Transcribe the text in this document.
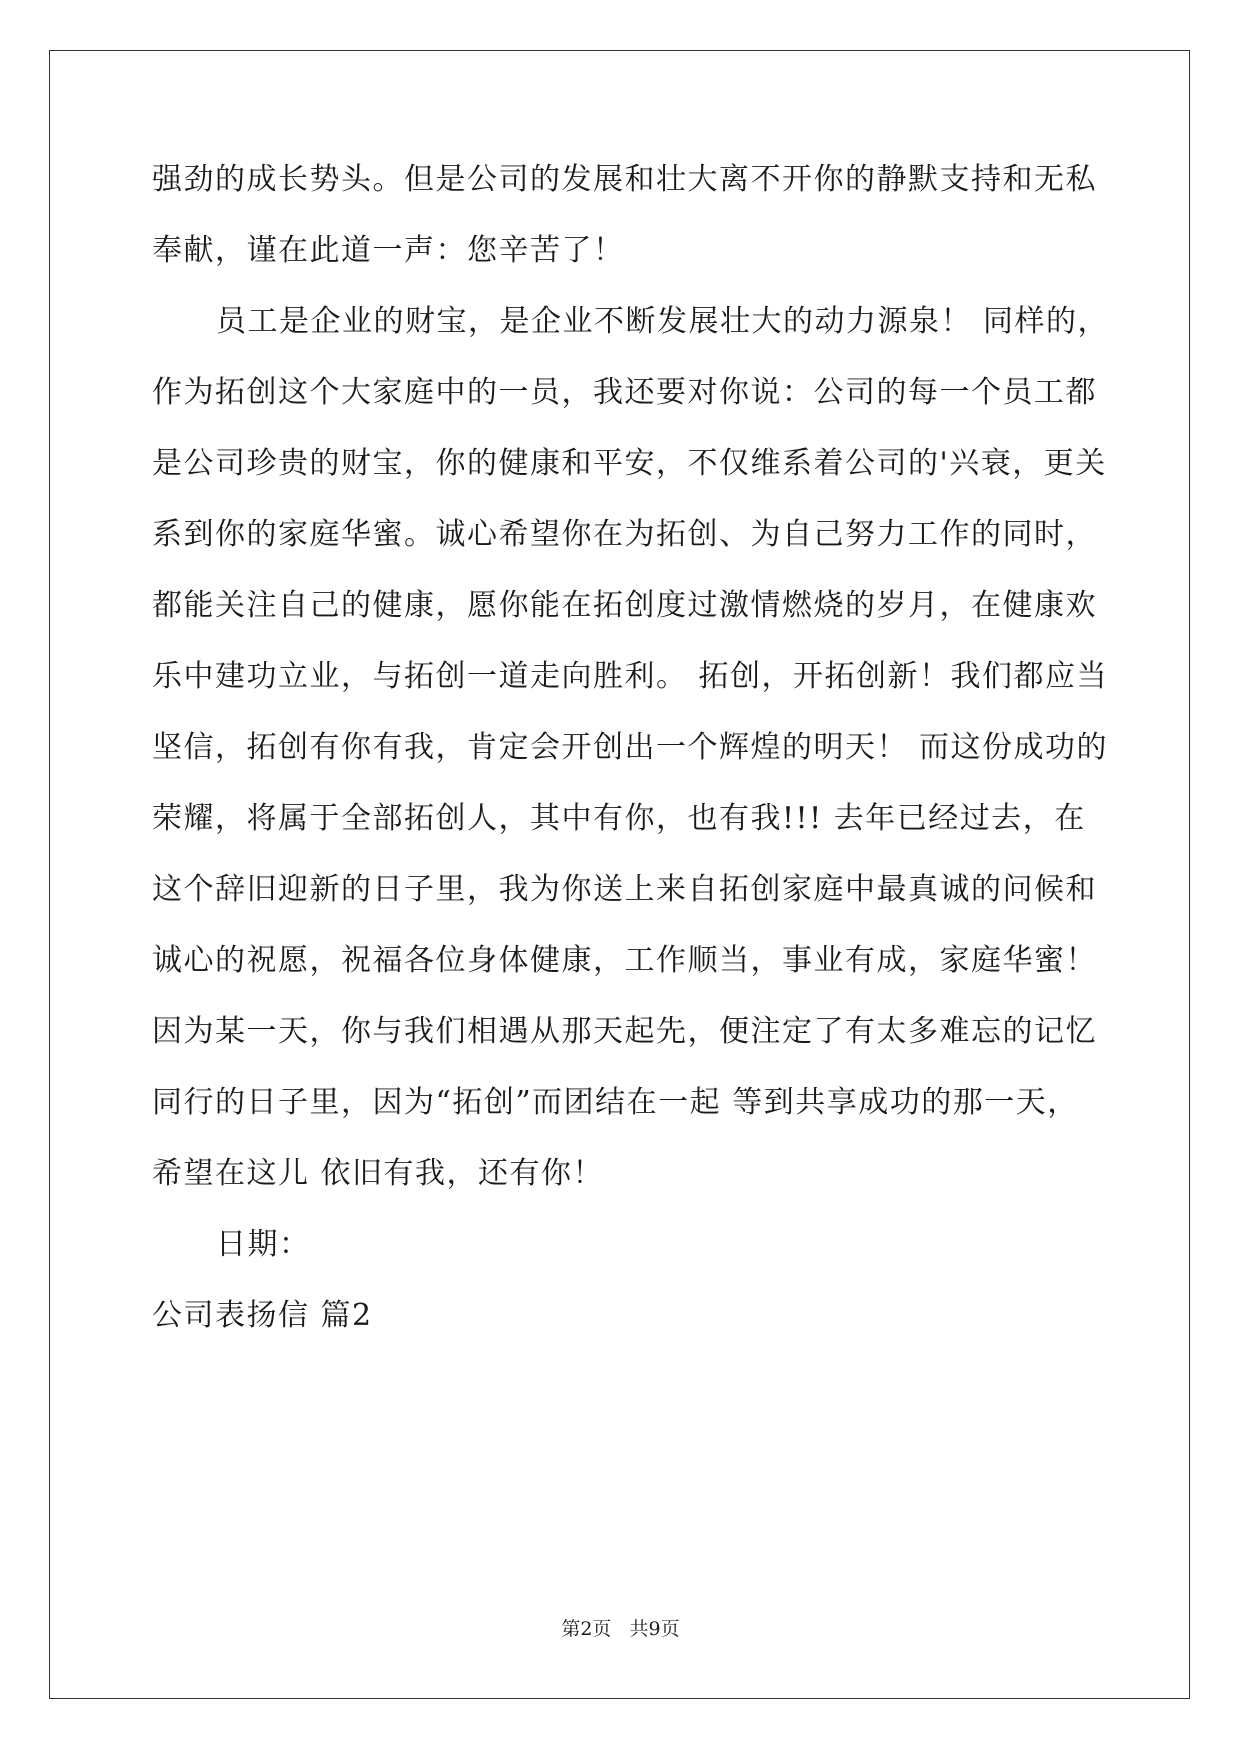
强劲的成长势头。但是公司的发展和壮大离不开你的静默支持和无私
奉献，谨在此道一声：您辛苦了！
员工是企业的财宝，是企业不断发展壮大的动力源泉！ 同样的，
作为拓创这个大家庭中的一员，我还要对你说：公司的每一个员工都
是公司珍贵的财宝，你的健康和平安，不仅维系着公司的'兴衰，更关
系到你的家庭华蜜。诚心希望你在为拓创、为自己努力工作的同时，
都能关注自己的健康，愿你能在拓创度过激情燃烧的岁月，在健康欢
乐中建功立业，与拓创一道走向胜利。 拓创，开拓创新！我们都应当
坚信，拓创有你有我，肯定会开创出一个辉煌的明天！ 而这份成功的
荣耀，将属于全部拓创人，其中有你，也有我!!! 去年已经过去，在
这个辞旧迎新的日子里，我为你送上来自拓创家庭中最真诚的问候和
诚心的祝愿，祝福各位身体健康，工作顺当，事业有成，家庭华蜜！
因为某一天，你与我们相遇从那天起先，便注定了有太多难忘的记忆
同行的日子里，因为“拓创”而团结在一起 等到共享成功的那一天，
希望在这儿 依旧有我，还有你！
日期：
公司表扬信 篇2
第2页   共9页
